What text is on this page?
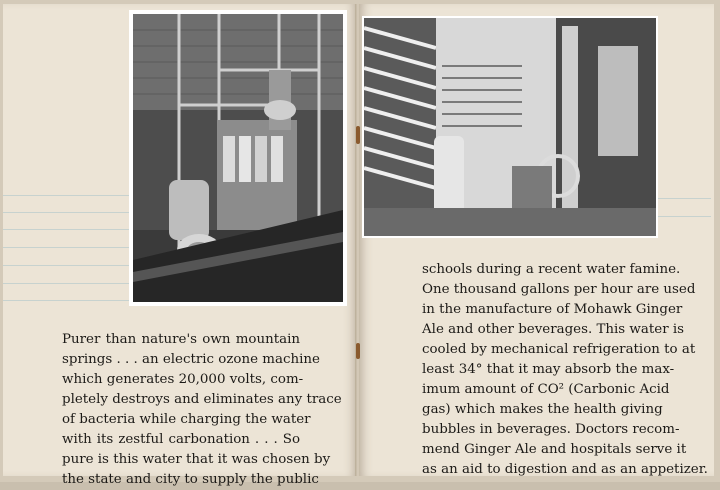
Purer than nature's own mountain
springs . . . an electric ozone machine
which generates 20,000 volts, com-
pletely destroys and eliminates any trace
of bacteria while charging the water
with its zestful carbonation . . . So
pure is this water that it was chosen by
the state and city to supply the public
schools during a recent water famine.
One thousand gallons per hour are used
in the manufacture of Mohawk Ginger
Ale and other beverages. This water is
cooled by mechanical refrigeration to at
least 34° that it may absorb the max-
imum amount of CO² (Carbonic Acid
gas) which makes the health giving
bubbles in beverages. Doctors recom-
mend Ginger Ale and hospitals serve it
as an aid to digestion and as an appetizer.
